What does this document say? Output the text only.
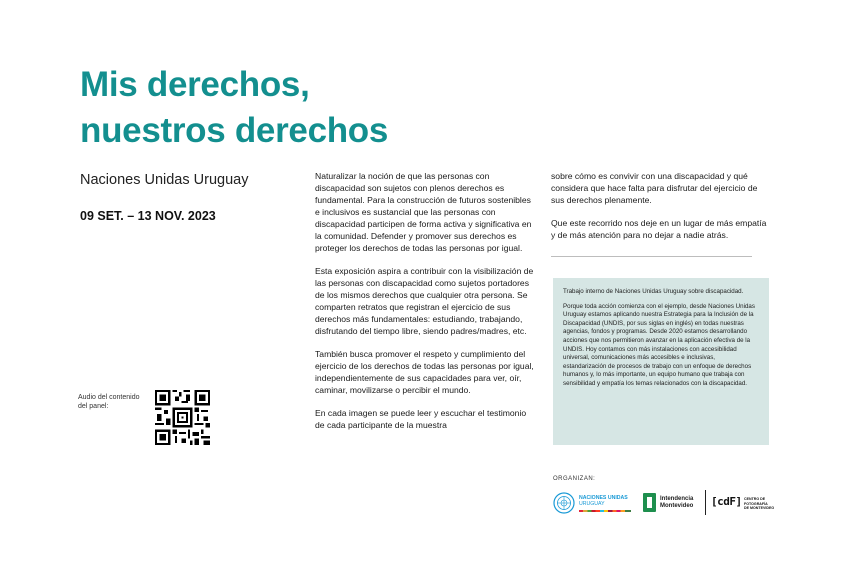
Mis derechos,
nuestros derechos
Naciones Unidas Uruguay
09 SET. – 13 NOV. 2023
Audio del contenido del panel:

Naturalizar la noción de que las personas con discapacidad son sujetos con plenos derechos es fundamental. Para la construcción de futuros sostenibles e inclusivos es sustancial que las personas con discapacidad participen de forma activa y significativa en la comunidad. Defender y promover sus derechos es proteger los derechos de todas las personas por igual.

Esta exposición aspira a contribuir con la visibilización de las personas con discapacidad como sujetos portadores de los mismos derechos que cualquier otra persona. Se comparten retratos que registran el ejercicio de sus derechos más fundamentales: estudiando, trabajando, disfrutando del tiempo libre, siendo padres/madres, etc.

También busca promover el respeto y cumplimiento del ejercicio de los derechos de todas las personas por igual, independientemente de sus capacidades para ver, oír, caminar, movilizarse o percibir el mundo.

En cada imagen se puede leer y escuchar el testimonio de cada participante de la muestra

sobre cómo es convivir con una discapacidad y qué considera que hace falta para disfrutar del ejercicio de sus derechos plenamente.

Que este recorrido nos deje en un lugar de más empatía y de más atención para no dejar a nadie atrás.

Trabajo interno de Naciones Unidas Uruguay sobre discapacidad.

Porque toda acción comienza con el ejemplo, desde Naciones Unidas Uruguay estamos aplicando nuestra Estrategia para la Inclusión de la Discapacidad (UNDIS, por sus siglas en inglés) en todas nuestras agencias, fondos y programas. Desde 2020 estamos desarrollando acciones que nos permitieron avanzar en la aplicación efectiva de la UNDIS. Hoy contamos con más instalaciones con accesibilidad universal, comunicaciones más accesibles e inclusivas, estandarización de procesos de trabajo con un enfoque de derechos humanos y, lo más importante, un equipo humano que trabaja con sensibilidad y empatía los temas relacionados con la discapacidad.

ORGANIZAN:
NACIONES UNIDAS
URUGUAY
Intendencia
Montevideo [cdF] CENTRO DE
FOTOGRAFÍA
DE MONTEVIDEO
